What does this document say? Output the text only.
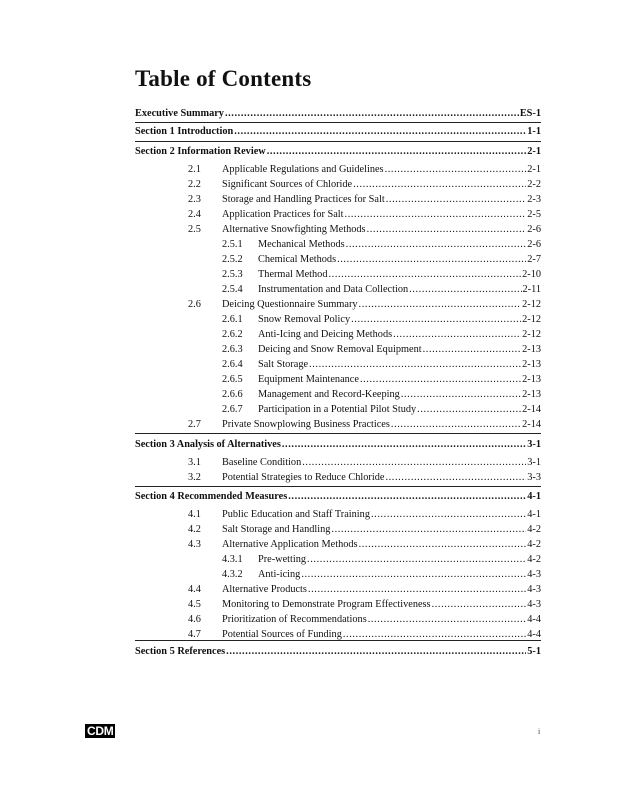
Table of Contents
Executive Summary .....	ES-1
Section 1 Introduction .....	1-1
Section 2 Information Review .....	2-1
2.1	Applicable Regulations and Guidelines .....	2-1
2.2	Significant Sources of Chloride .....	2-2
2.3	Storage and Handling Practices for Salt .....	2-3
2.4	Application Practices for Salt .....	2-5
2.5	Alternative Snowfighting Methods .....	2-6
2.5.1	Mechanical Methods .....	2-6
2.5.2	Chemical Methods .....	2-7
2.5.3	Thermal Method .....	2-10
2.5.4	Instrumentation and Data Collection .....	2-11
2.6	Deicing Questionnaire Summary .....	2-12
2.6.1	Snow Removal Policy .....	2-12
2.6.2	Anti-Icing and Deicing Methods .....	2-12
2.6.3	Deicing and Snow Removal Equipment .....	2-13
2.6.4	Salt Storage .....	2-13
2.6.5	Equipment Maintenance .....	2-13
2.6.6	Management and Record-Keeping .....	2-13
2.6.7	Participation in a Potential Pilot Study .....	2-14
2.7	Private Snowplowing Business Practices .....	2-14
Section 3 Analysis of Alternatives .....	3-1
3.1	Baseline Condition .....	3-1
3.2	Potential Strategies to Reduce Chloride .....	3-3
Section 4 Recommended Measures .....	4-1
4.1	Public Education and Staff Training .....	4-1
4.2	Salt Storage and Handling .....	4-2
4.3	Alternative Application Methods .....	4-2
4.3.1	Pre-wetting .....	4-2
4.3.2	Anti-icing .....	4-3
4.4	Alternative Products .....	4-3
4.5	Monitoring to Demonstrate Program Effectiveness .....	4-3
4.6	Prioritization of Recommendations .....	4-4
4.7	Potential Sources of Funding .....	4-4
Section 5 References .....	5-1
CDM	i
